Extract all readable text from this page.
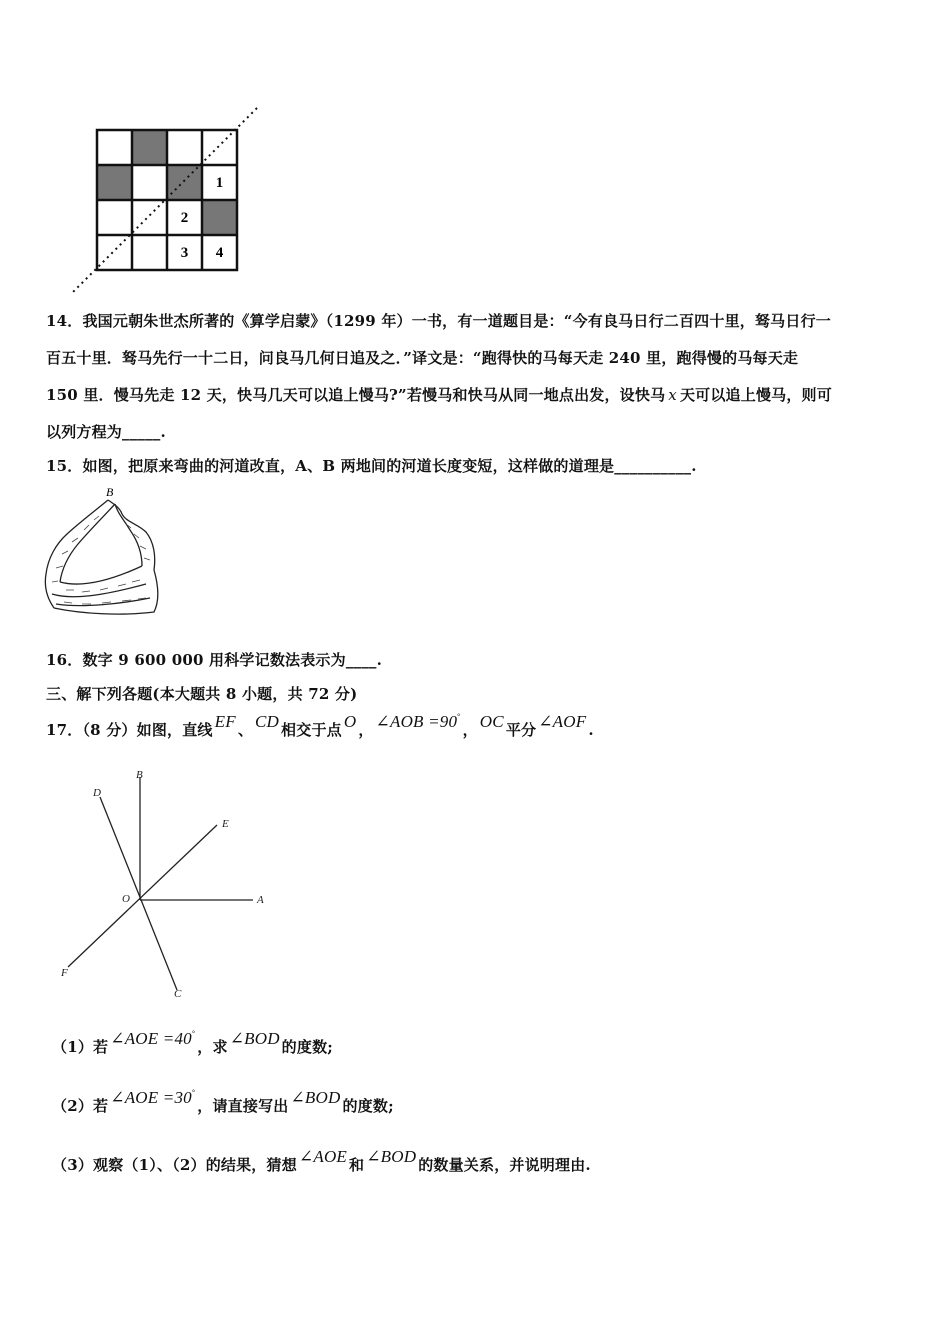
1
2
3 4
14．我国元朝朱世杰所著的《算学启蒙》（1299 年）一书，有一道题目是：“今有良马日行二百四十里，驽马日行一
百五十里．驽马先行一十二日，问良马几何日追及之．”译文是：“跑得快的马每天走 240 里，跑得慢的马每天走
150 里．慢马先走 12 天，快马几天可以追上慢马?”若慢马和快马从同一地点出发，设快马 x 天可以追上慢马，则可
以列方程为_____.
15．如图，把原来弯曲的河道改直，A、B 两地间的河道长度变短，这样做的道理是__________.
B
16．数字 9 600 000 用科学记数法表示为____.
三、解下列各题(本大题共 8 小题，共 72 分)
17．（8 分）如图，直线 EF 、 CD 相交于点 O ， ∠AOB =90°， OC 平分 ∠AOF .
B
D
E
O	A
F
C
（1）若 ∠AOE =40°，求 ∠BOD 的度数;
（2）若 ∠AOE =30°，请直接写出 ∠BOD 的度数;
（3）观察（1）、（2）的结果，猜想 ∠AOE 和 ∠BOD 的数量关系，并说明理由.
